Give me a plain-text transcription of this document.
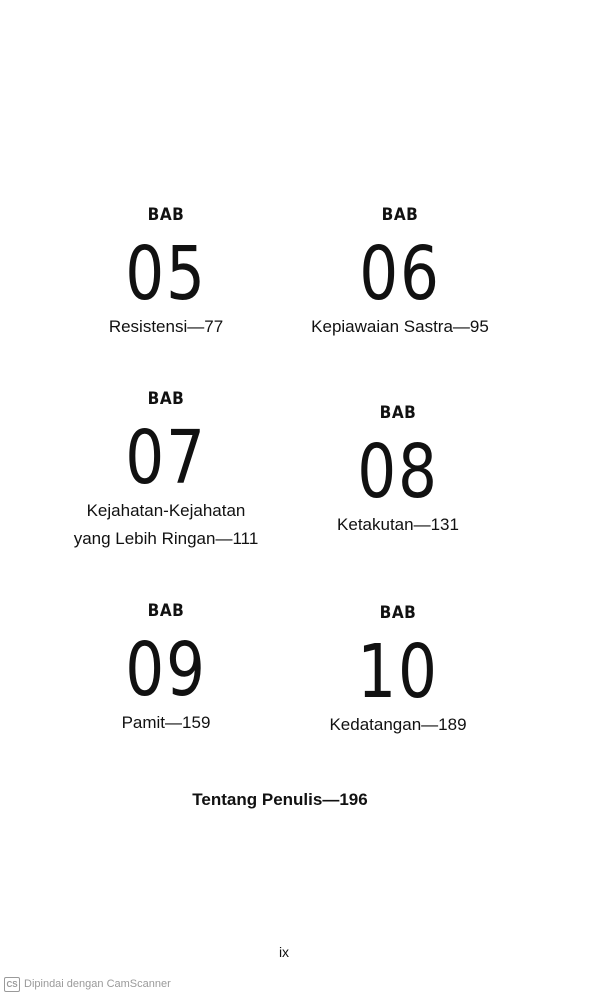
BAB
05
Resistensi—77
BAB
06
Kepiawaian Sastra—95
BAB
07
Kejahatan-Kejahatan
yang Lebih Ringan—111
BAB
08
Ketakutan—131
BAB
09
Pamit—159
BAB
10
Kedatangan—189
Tentang Penulis—196
ix
CS Dipindai dengan CamScanner
